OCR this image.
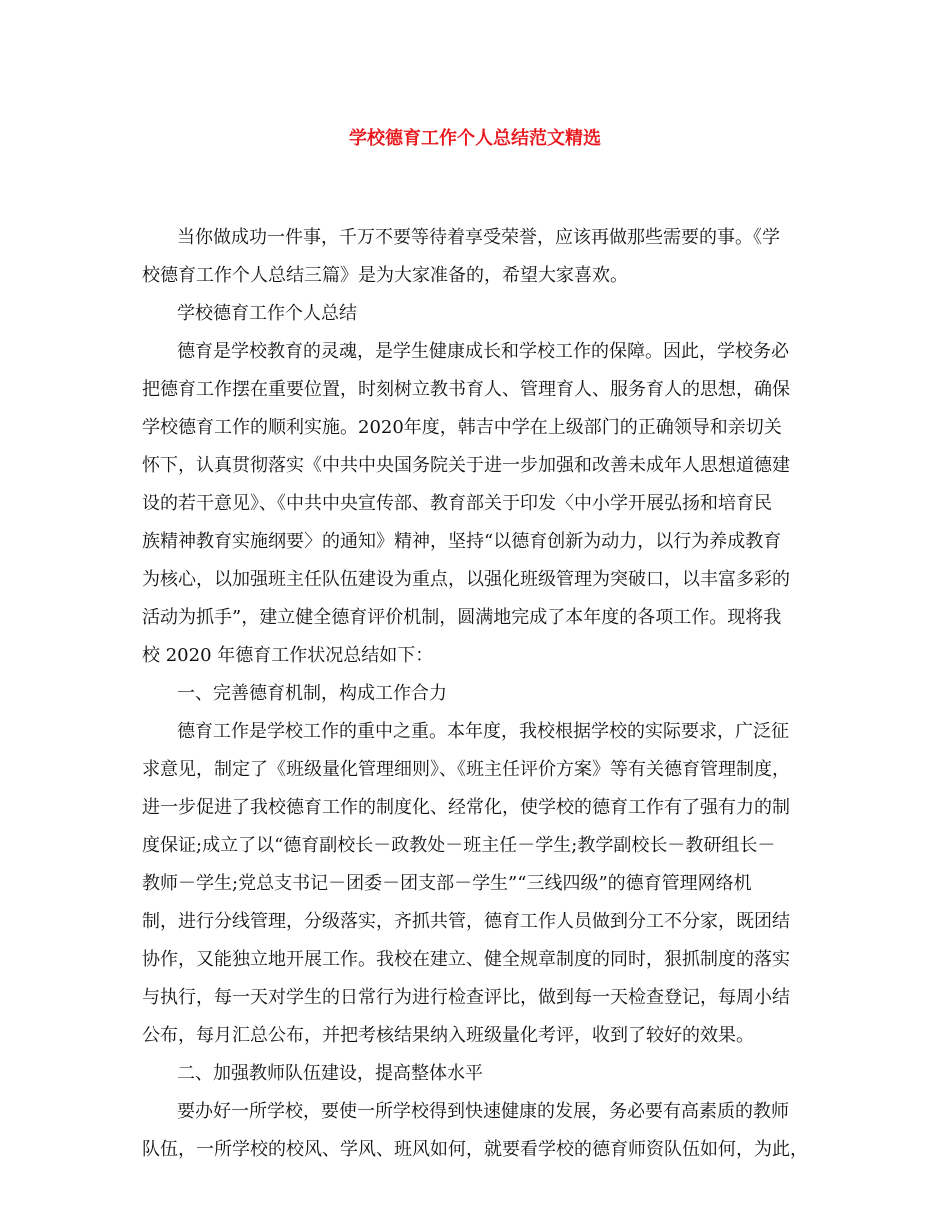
学校德育工作个人总结范文精选
当你做成功一件事，千万不要等待着享受荣誉，应该再做那些需要的事。《学
校德育工作个人总结三篇》是为大家准备的，希望大家喜欢。
学校德育工作个人总结
德育是学校教育的灵魂，是学生健康成长和学校工作的保障。因此，学校务必
把德育工作摆在重要位置，时刻树立教书育人、管理育人、服务育人的思想，确保
学校德育工作的顺利实施。2020年度，韩吉中学在上级部门的正确领导和亲切关
怀下，认真贯彻落实《中共中央国务院关于进一步加强和改善未成年人思想道德建
设的若干意见》、《中共中央宣传部、教育部关于印发〈中小学开展弘扬和培育民
族精神教育实施纲要〉的通知》精神，坚持“以德育创新为动力，以行为养成教育
为核心，以加强班主任队伍建设为重点，以强化班级管理为突破口，以丰富多彩的
活动为抓手”，建立健全德育评价机制，圆满地完成了本年度的各项工作。现将我
校 2020 年德育工作状况总结如下：
一、完善德育机制，构成工作合力
德育工作是学校工作的重中之重。本年度，我校根据学校的实际要求，广泛征
求意见，制定了《班级量化管理细则》、《班主任评价方案》等有关德育管理制度，
进一步促进了我校德育工作的制度化、经常化，使学校的德育工作有了强有力的制
度保证;成立了以“德育副校长－政教处－班主任－学生;教学副校长－教研组长－
教师－学生;党总支书记－团委－团支部－学生”“三线四级”的德育管理网络机
制，进行分线管理，分级落实，齐抓共管，德育工作人员做到分工不分家，既团结
协作，又能独立地开展工作。我校在建立、健全规章制度的同时，狠抓制度的落实
与执行，每一天对学生的日常行为进行检查评比，做到每一天检查登记，每周小结
公布，每月汇总公布，并把考核结果纳入班级量化考评，收到了较好的效果。
二、加强教师队伍建设，提高整体水平
要办好一所学校，要使一所学校得到快速健康的发展，务必要有高素质的教师
队伍，一所学校的校风、学风、班风如何，就要看学校的德育师资队伍如何，为此，
